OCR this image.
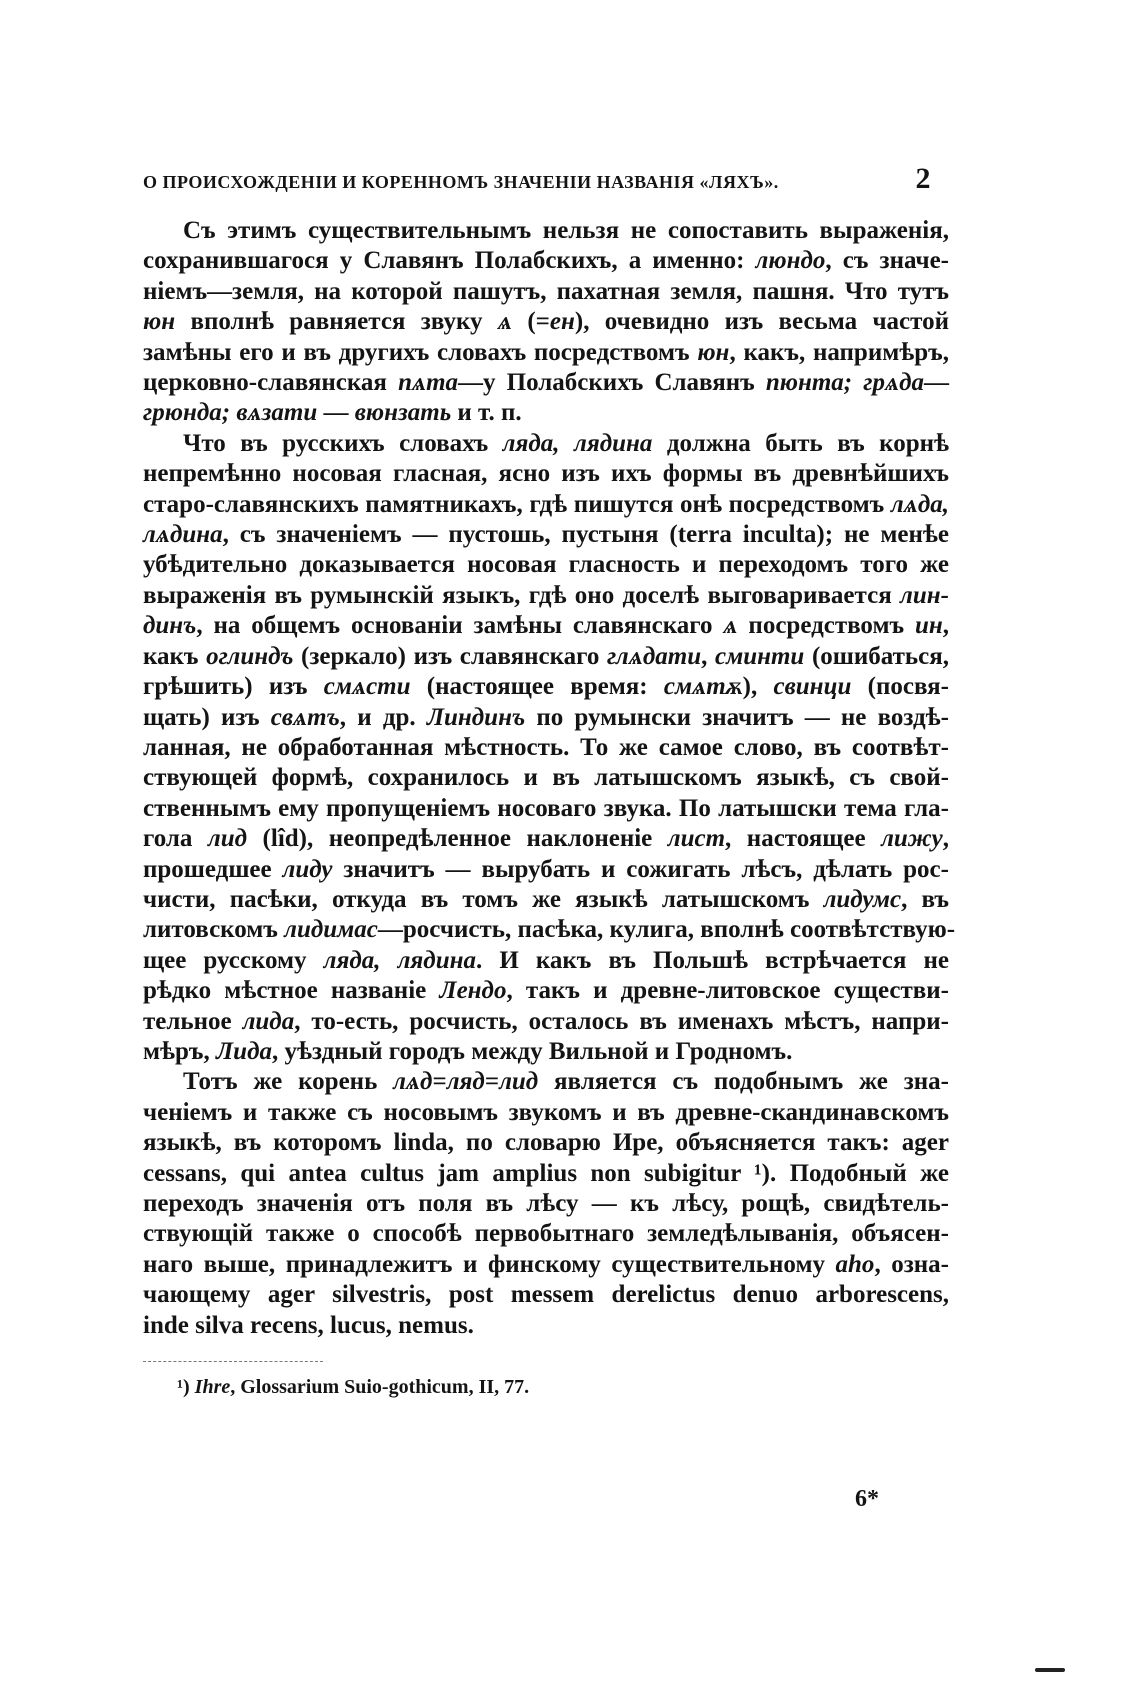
О ПРОИСХОЖДЕНІИ И КОРЕННОМЪ ЗНАЧЕНІИ НАЗВАНІЯ «ЛЯХЪ».	2
Съ этимъ существительнымъ нельзя не сопоставить выраженія,
сохранившагося у Славянъ Полабскихъ, а именно: люндо, съ значе-
ніемъ—земля, на которой пашутъ, пахатная земля, пашня. Что тутъ
юн вполнѣ равняется звуку ѧ (=ен), очевидно изъ весьма частой
замѣны его и въ другихъ словахъ посредствомъ юн, какъ, напримѣръ,
церковно-славянская пѧта—у Полабскихъ Славянъ пюнта; грѧда—
грюнда; вѧзати — вюнзать и т. п.
Что въ русскихъ словахъ ляда, лядина должна быть въ корнѣ
непремѣнно носовая гласная, ясно изъ ихъ формы въ древнѣйшихъ
старо-славянскихъ памятникахъ, гдѣ пишутся онѣ посредствомъ лѧда,
лѧдина, съ значеніемъ — пустошь, пустыня (terra inculta); не менѣе
убѣдительно доказывается носовая гласность и переходомъ того же
выраженія въ румынскій языкъ, гдѣ оно доселѣ выговаривается лин-
динъ, на общемъ основаніи замѣны славянскаго ѧ посредствомъ ин,
какъ оглиндъ (зеркало) изъ славянскаго глѧдати, сминти (ошибаться,
грѣшить) изъ смѧсти (настоящее время: смѧтѫ), свинци (посвя-
щать) изъ свѧтъ, и др. Линдинъ по румынски значитъ — не воздѣ-
ланная, не обработанная мѣстность. То же самое слово, въ соотвѣт-
ствующей формѣ, сохранилось и въ латышскомъ языкѣ, съ свой-
ственнымъ ему пропущеніемъ носоваго звука. По латышски тема гла-
гола лид (lîd), неопредѣленное наклоненіе лист, настоящее лижу,
прошедшее лиду значитъ — вырубать и сожигать лѣсъ, дѣлать рос-
чисти, пасѣки, откуда въ томъ же языкѣ латышскомъ лидумс, въ
литовскомъ лидимас—росчисть, пасѣка, кулига, вполнѣ соотвѣтствую-
щее русскому ляда, лядина. И какъ въ Польшѣ встрѣчается не
рѣдко мѣстное названіе Лендо, такъ и древне-литовское существи-
тельное лида, то-есть, росчисть, осталось въ именахъ мѣстъ, напри-
мѣръ, Лида, уѣздный городъ между Вильной и Гродномъ.
Тотъ же корень лѧд=ляд=лид является съ подобнымъ же зна-
ченіемъ и также съ носовымъ звукомъ и въ древне-скандинавскомъ
языкѣ, въ которомъ linda, по словарю Ире, объясняется такъ: ager
cessans, qui antea cultus jam amplius non subigitur ¹). Подобный же
переходъ значенія отъ поля въ лѣсу — къ лѣсу, рощѣ, свидѣтель-
ствующій также о способѣ первобытнаго земледѣлыванія, объясен-
наго выше, принадлежитъ и финскому существительному aho, озна-
чающему ager silvestris, post messem derelictus denuo arborescens,
inde silva recens, lucus, nemus.
¹) Ihre, Glossarium Suio-gothicum, II, 77.
6*
